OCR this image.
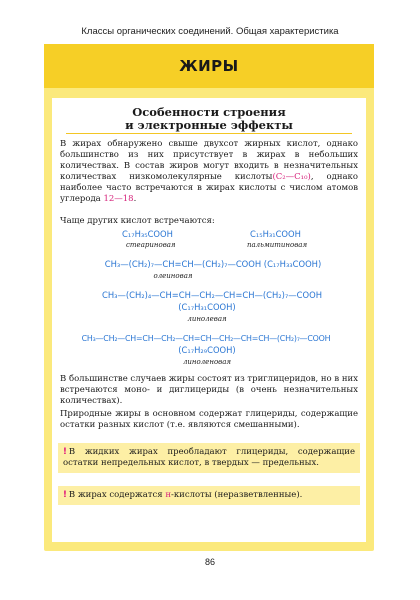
Классы органических соединений. Общая характеристика
ЖИРЫ
Особенности строения
и электронные эффекты

В жирах обнаружено свыше двухсот жирных кислот, однако большинство из них присутствует в жирах в небольших количествах. В состав жиров могут входить в незначительных количествах низкомолекулярные кислоты(С₂—С₁₀), однако наиболее часто встречаются в жирах кислоты с числом атомов углерода 12—18.

Чаще других кислот встречаются:
C₁₇H₃₅COOH
стеариновая
C₁₅H₃₁COOH
пальмитиновая
CH₃—(CH₂)₇—CH=CH—(CH₂)₇—COOH (C₁₇H₃₃COOH)
олеиновая
CH₃—(CH₂)₄—CH=CH—CH₂—CH=CH—(CH₂)₇—COOH
(C₁₇H₃₁COOH)
линолевая
CH₃—CH₂—CH=CH—CH₂—CH=CH—CH₂—CH=CH—(CH₂)₇—COOH
(C₁₇H₂₉COOH)
линоленовая

В большинстве случаев жиры состоят из триглицеридов, но в них встречаются моно- и диглицериды (в очень незначительных количествах).

Природные жиры в основном содержат глицериды, содержащие остатки разных кислот (т.е. являются смешанными).

! В жидких жирах преобладают глицериды, содержащие остатки непредельных кислот, в твердых — предельных.
! В жирах содержатся н-кислоты (неразветвленные).
86
